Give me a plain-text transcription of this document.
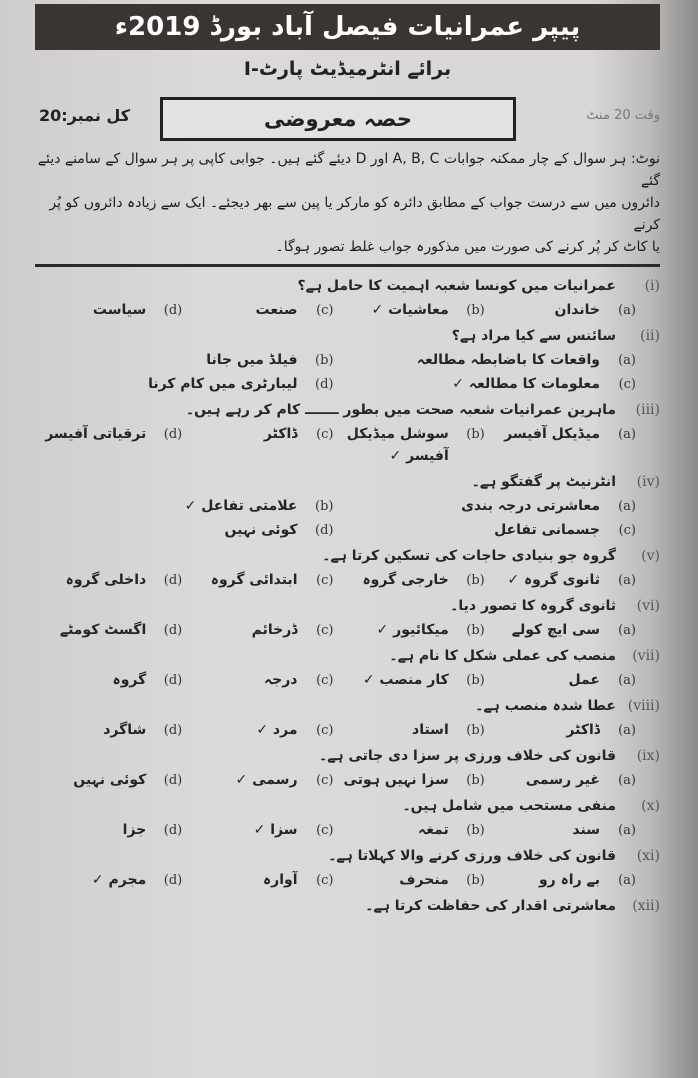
پیپر عمرانیات فیصل آباد بورڈ 2019ء
برائے انٹرمیڈیٹ پارٹ-I
حصہ معروضی
کل نمبر:20	وقت 20 منٹ
نوٹ: ہر سوال کے چار ممکنہ جوابات A, B, C اور D دیئے گئے ہیں۔ جوابی کاپی پر ہر سوال کے سامنے دیئے گئے
دائروں میں سے درست جواب کے مطابق دائرہ کو مارکر یا پین سے بھر دیجئے۔ ایک سے زیادہ دائروں کو پُر کرنے
یا کاٹ کر پُر کرنے کی صورت میں مذکورہ جواب غلط تصور ہوگا۔
(i)
عمرانیات میں کونسا شعبہ اہمیت کا حامل ہے؟
(a)
خاندان
(b)
معاشیات ✓
(c)
صنعت
(d)
سیاست
(ii)
سائنس سے کیا مراد ہے؟
(a)
واقعات کا باضابطہ مطالعہ
(b)
فیلڈ میں جانا
(c)
معلومات کا مطالعہ ✓
(d)
لیبارٹری میں کام کرنا
(iii)
ماہرین عمرانیات شعبہ صحت میں بطور ـــــــ کام کر رہے ہیں۔
(a)
میڈیکل آفیسر
(b)
سوشل میڈیکل آفیسر ✓
(c)
ڈاکٹر
(d)
ترقیاتی آفیسر
(iv)
انٹرنیٹ پر گفتگو ہے۔
(a)
معاشرتی درجہ بندی
(b)
علامتی تفاعل ✓
(c)
جسمانی تفاعل
(d)
کوئی نہیں
(v)
گروہ جو بنیادی حاجات کی تسکین کرتا ہے۔
(a)
ثانوی گروہ ✓
(b)
خارجی گروہ
(c)
ابتدائی گروہ
(d)
داخلی گروہ
(vi)
ثانوی گروہ کا تصور دیا۔
(a)
سی ایچ کولے
(b)
میکائیور ✓
(c)
ڈرخائم
(d)
اگسٹ کومٹے
(vii)
منصب کی عملی شکل کا نام ہے۔
(a)
عمل
(b)
کار منصب ✓
(c)
درجہ
(d)
گروہ
(viii)
عطا شدہ منصب ہے۔
(a)
ڈاکٹر
(b)
استاد
(c)
مرد ✓
(d)
شاگرد
(ix)
قانون کی خلاف ورزی پر سزا دی جاتی ہے۔
(a)
غیر رسمی
(b)
سزا نہیں ہوتی
(c)
رسمی ✓
(d)
کوئی نہیں
(x)
منفی مستحب میں شامل ہیں۔
(a)
سند
(b)
تمغہ
(c)
سزا ✓
(d)
جزا
(xi)
قانون کی خلاف ورزی کرنے والا کہلاتا ہے۔
(a)
بے راہ رو
(b)
منحرف
(c)
آوارہ
(d)
مجرم ✓
(xii)
معاشرتی اقدار کی حفاظت کرتا ہے۔
